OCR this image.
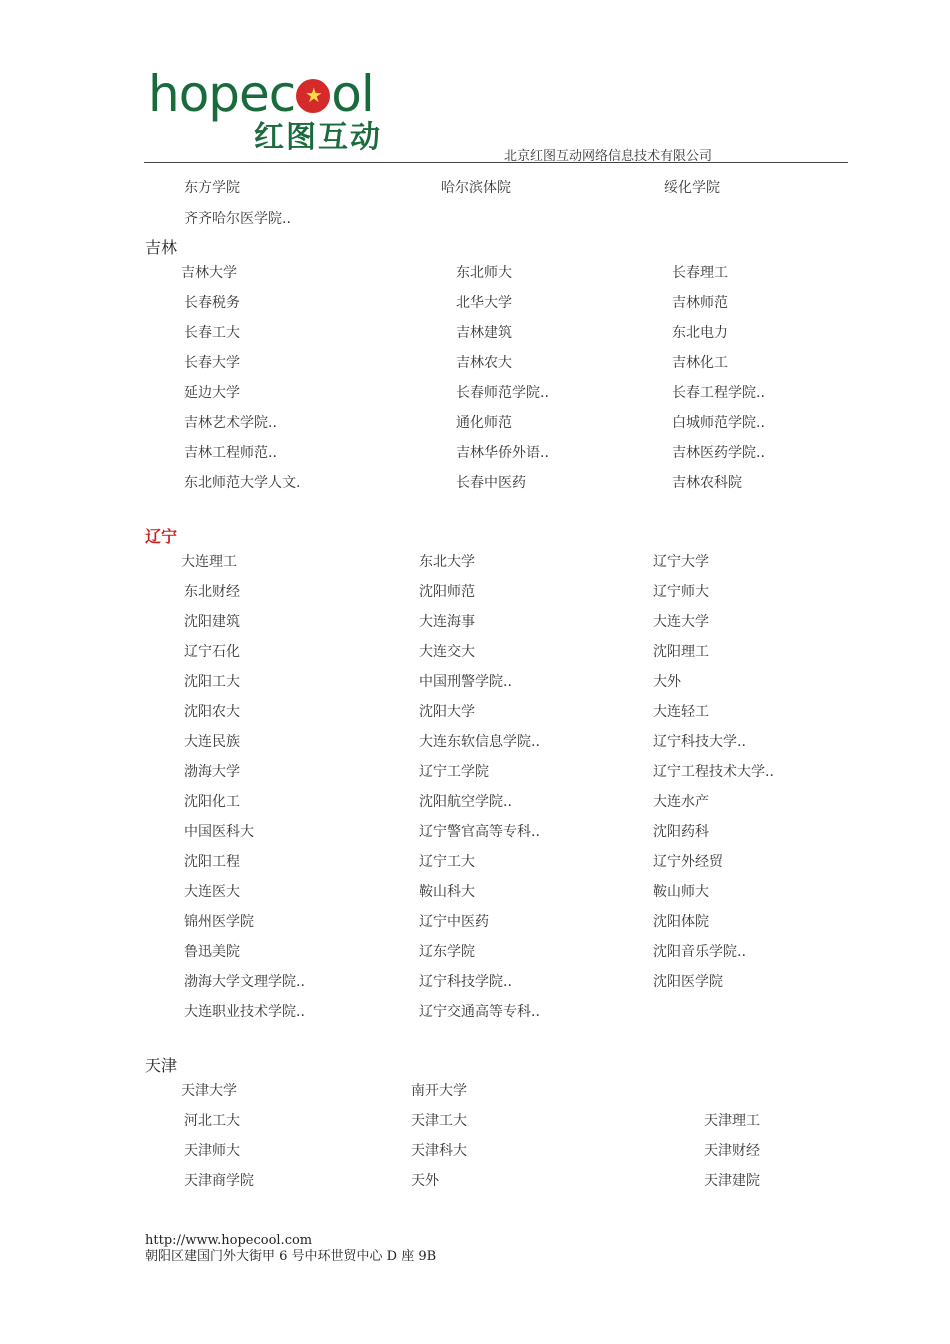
hopec★ ol
红图互动
北京红图互动网络信息技术有限公司
东方学院	哈尔滨体院	绥化学院
齐齐哈尔医学院..
吉林
吉林大学	东北师大	长春理工
长春税务	北华大学	吉林师范
长春工大	吉林建筑	东北电力
长春大学	吉林农大	吉林化工
延边大学	长春师范学院..	长春工程学院..
吉林艺术学院..	通化师范	白城师范学院..
吉林工程师范..	吉林华侨外语..	吉林医药学院..
东北师范大学人文.	长春中医药	吉林农科院
辽宁
大连理工	东北大学	辽宁大学
东北财经	沈阳师范	辽宁师大
沈阳建筑	大连海事	大连大学
辽宁石化	大连交大	沈阳理工
沈阳工大	中国刑警学院..	大外
沈阳农大	沈阳大学	大连轻工
大连民族	大连东软信息学院..	辽宁科技大学..
渤海大学	辽宁工学院	辽宁工程技术大学..
沈阳化工	沈阳航空学院..	大连水产
中国医科大	辽宁警官高等专科..	沈阳药科
沈阳工程	辽宁工大	辽宁外经贸
大连医大	鞍山科大	鞍山师大
锦州医学院	辽宁中医药	沈阳体院
鲁迅美院	辽东学院	沈阳音乐学院..
渤海大学文理学院..	辽宁科技学院..	沈阳医学院
大连职业技术学院..	辽宁交通高等专科..
天津
天津大学	南开大学
河北工大	天津工大	天津理工
天津师大	天津科大	天津财经
天津商学院	天外	天津建院
http://www.hopecool.com
朝阳区建国门外大街甲 6 号中环世贸中心 D 座 9B
